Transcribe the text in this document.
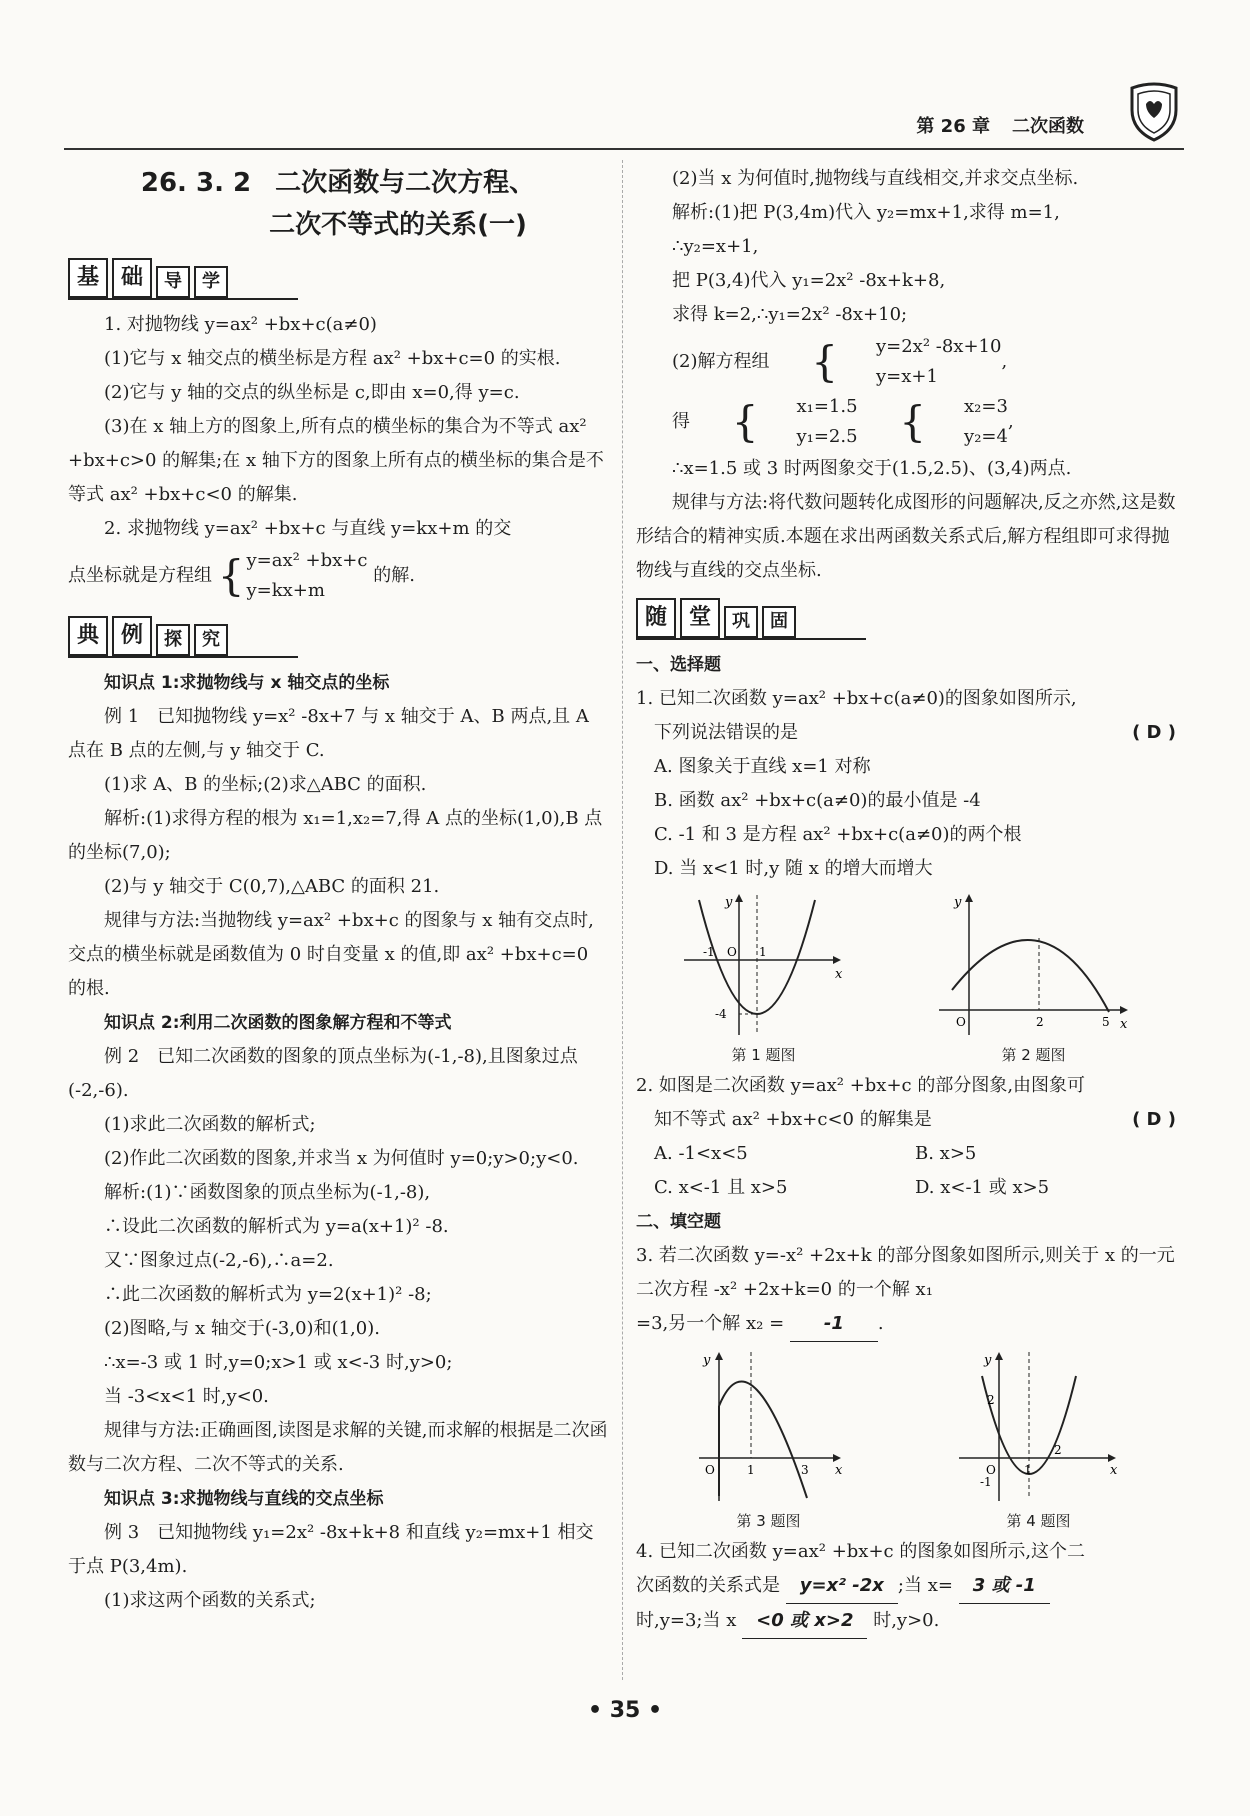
第 26 章 二次函数
26. 3. 2 二次函数与二次方程、
二次不等式的关系(一)
基 础	导	学

1. 对抛物线 y=ax² +bx+c(a≠0)

(1)它与 x 轴交点的横坐标是方程 ax² +bx+c=0 的实根.

(2)它与 y 轴的交点的纵坐标是 c,即由 x=0,得 y=c.

(3)在 x 轴上方的图象上,所有点的横坐标的集合为不等式 ax² +bx+c>0 的解集;在 x 轴下方的图象上所有点的横坐标的集合是不等式 ax² +bx+c<0 的解集.

2. 求抛物线 y=ax² +bx+c 与直线 y=kx+m 的交

点坐标就是方程组 { y=ax² +bx+c
y=kx+m
的解.

典 例	探	究

知识点 1:求抛物线与 x 轴交点的坐标

例 1　已知抛物线 y=x² -8x+7 与 x 轴交于 A、B 两点,且 A 点在 B 点的左侧,与 y 轴交于 C.

(1)求 A、B 的坐标;(2)求△ABC 的面积.

解析:(1)求得方程的根为 x₁=1,x₂=7,得 A 点的坐标(1,0),B 点的坐标(7,0);

(2)与 y 轴交于 C(0,7),△ABC 的面积 21.

规律与方法:当抛物线 y=ax² +bx+c 的图象与 x 轴有交点时,交点的横坐标就是函数值为 0 时自变量 x 的值,即 ax² +bx+c=0 的根.

知识点 2:利用二次函数的图象解方程和不等式

例 2　已知二次函数的图象的顶点坐标为(-1,-8),且图象过点(-2,-6).

(1)求此二次函数的解析式;

(2)作此二次函数的图象,并求当 x 为何值时 y=0;y>0;y<0.

解析:(1)∵函数图象的顶点坐标为(-1,-8),

∴设此二次函数的解析式为 y=a(x+1)² -8.

又∵图象过点(-2,-6),∴a=2.

∴此二次函数的解析式为 y=2(x+1)² -8;

(2)图略,与 x 轴交于(-3,0)和(1,0).

∴x=-3 或 1 时,y=0;x>1 或 x<-3 时,y>0;

当 -3<x<1 时,y<0.

规律与方法:正确画图,读图是求解的关键,而求解的根据是二次函数与二次方程、二次不等式的关系.

知识点 3:求抛物线与直线的交点坐标

例 3　已知抛物线 y₁=2x² -8x+k+8 和直线 y₂=mx+1 相交于点 P(3,4m).

(1)求这两个函数的关系式;

(2)当 x 为何值时,抛物线与直线相交,并求交点坐标.

解析:(1)把 P(3,4m)代入 y₂=mx+1,求得 m=1,

∴y₂=x+1,

把 P(3,4)代入 y₁=2x² -8x+k+8,

求得 k=2,∴y₁=2x² -8x+10;

(2)解方程组 {	y=2x² -8x+10
y=x+1
,

得 {	x₁=1.5
y₁=2.5
{	x₂=3
y₂=4
,

∴x=1.5 或 3 时两图象交于(1.5,2.5)、(3,4)两点.

规律与方法:将代数问题转化成图形的问题解决,反之亦然,这是数形结合的精神实质.本题在求出两函数关系式后,解方程组即可求得抛物线与直线的交点坐标.

随 堂	巩	固

一、选择题

1. 已知二次函数 y=ax² +bx+c(a≠0)的图象如图所示,

下列说法错误的是	( D )

A. 图象关于直线 x=1 对称

B. 函数 ax² +bx+c(a≠0)的最小值是 -4

C. -1 和 3 是方程 ax² +bx+c(a≠0)的两个根

D. 当 x<1 时,y 随 x 的增大而增大

x
y
-1 O 1
-4
第 1 题图
x
y
O	2	5
第 2 题图

2. 如图是二次函数 y=ax² +bx+c 的部分图象,由图象可

知不等式 ax² +bx+c<0 的解集是	( D )

A. -1<x<5	B. x>5

C. x<-1 且 x>5	D. x<-1 或 x>5

二、填空题

3. 若二次函数 y=-x² +2x+k 的部分图象如图所示,则关于 x 的一元二次方程 -x² +2x+k=0 的一个解 x₁

=3,另一个解 x₂ = -1 .

x
y
O	1	3
第 3 题图
x
y
O 1
2
-1
2
第 4 题图

4. 已知二次函数 y=ax² +bx+c 的图象如图所示,这个二

次函数的关系式是 y=x² -2x ;当 x= 3 或 -1

时,y=3;当 x <0 或 x>2 时,y>0.

• 35 •
